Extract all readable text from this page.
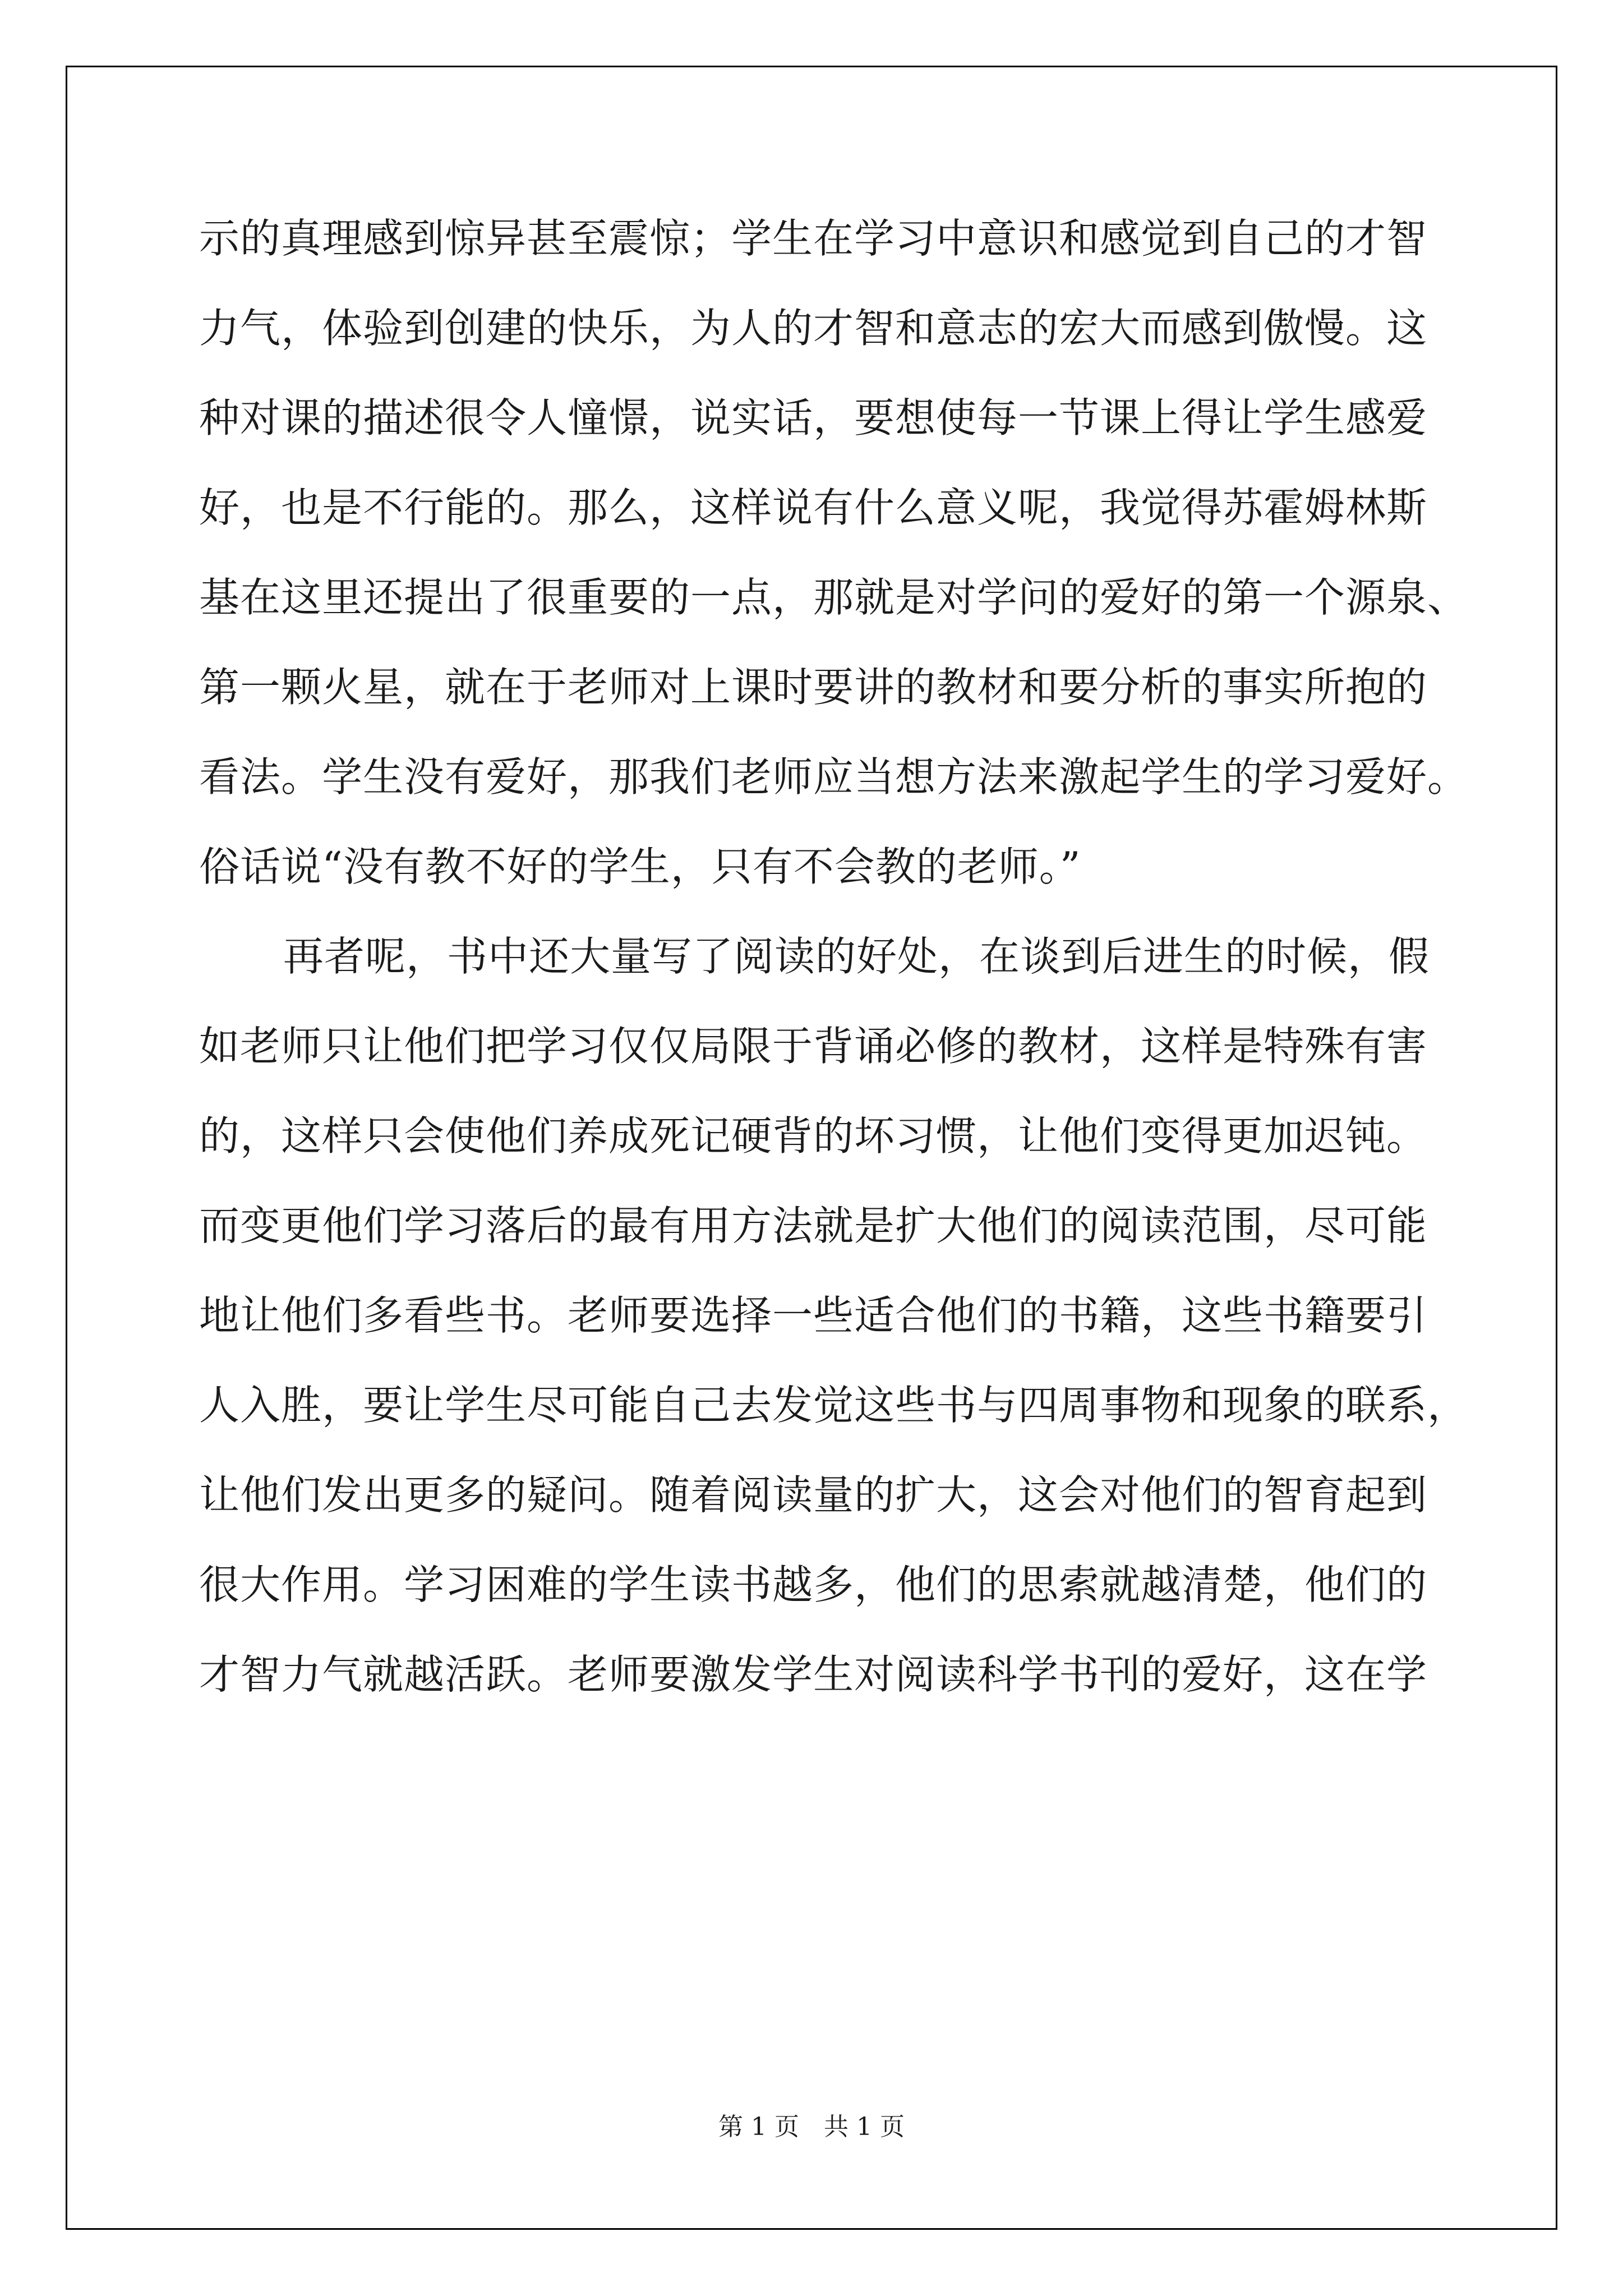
示的真理感到惊异甚至震惊；学生在学习中意识和感觉到自己的才智
力气，体验到创建的快乐，为人的才智和意志的宏大而感到傲慢。这
种对课的描述很令人憧憬，说实话，要想使每一节课上得让学生感爱
好，也是不行能的。那么，这样说有什么意义呢，我觉得苏霍姆林斯
基在这里还提出了很重要的一点，那就是对学问的爱好的第一个源泉、
第一颗火星，就在于老师对上课时要讲的教材和要分析的事实所抱的
看法。学生没有爱好，那我们老师应当想方法来激起学生的学习爱好。
俗话说“没有教不好的学生，只有不会教的老师。”
再者呢，书中还大量写了阅读的好处，在谈到后进生的时候，假
如老师只让他们把学习仅仅局限于背诵必修的教材，这样是特殊有害
的，这样只会使他们养成死记硬背的坏习惯，让他们变得更加迟钝。
而变更他们学习落后的最有用方法就是扩大他们的阅读范围，尽可能
地让他们多看些书。老师要选择一些适合他们的书籍，这些书籍要引
人入胜，要让学生尽可能自己去发觉这些书与四周事物和现象的联系，
让他们发出更多的疑问。随着阅读量的扩大，这会对他们的智育起到
很大作用。学习困难的学生读书越多，他们的思索就越清楚，他们的
才智力气就越活跃。老师要激发学生对阅读科学书刊的爱好，这在学
第 1 页　共 1 页
